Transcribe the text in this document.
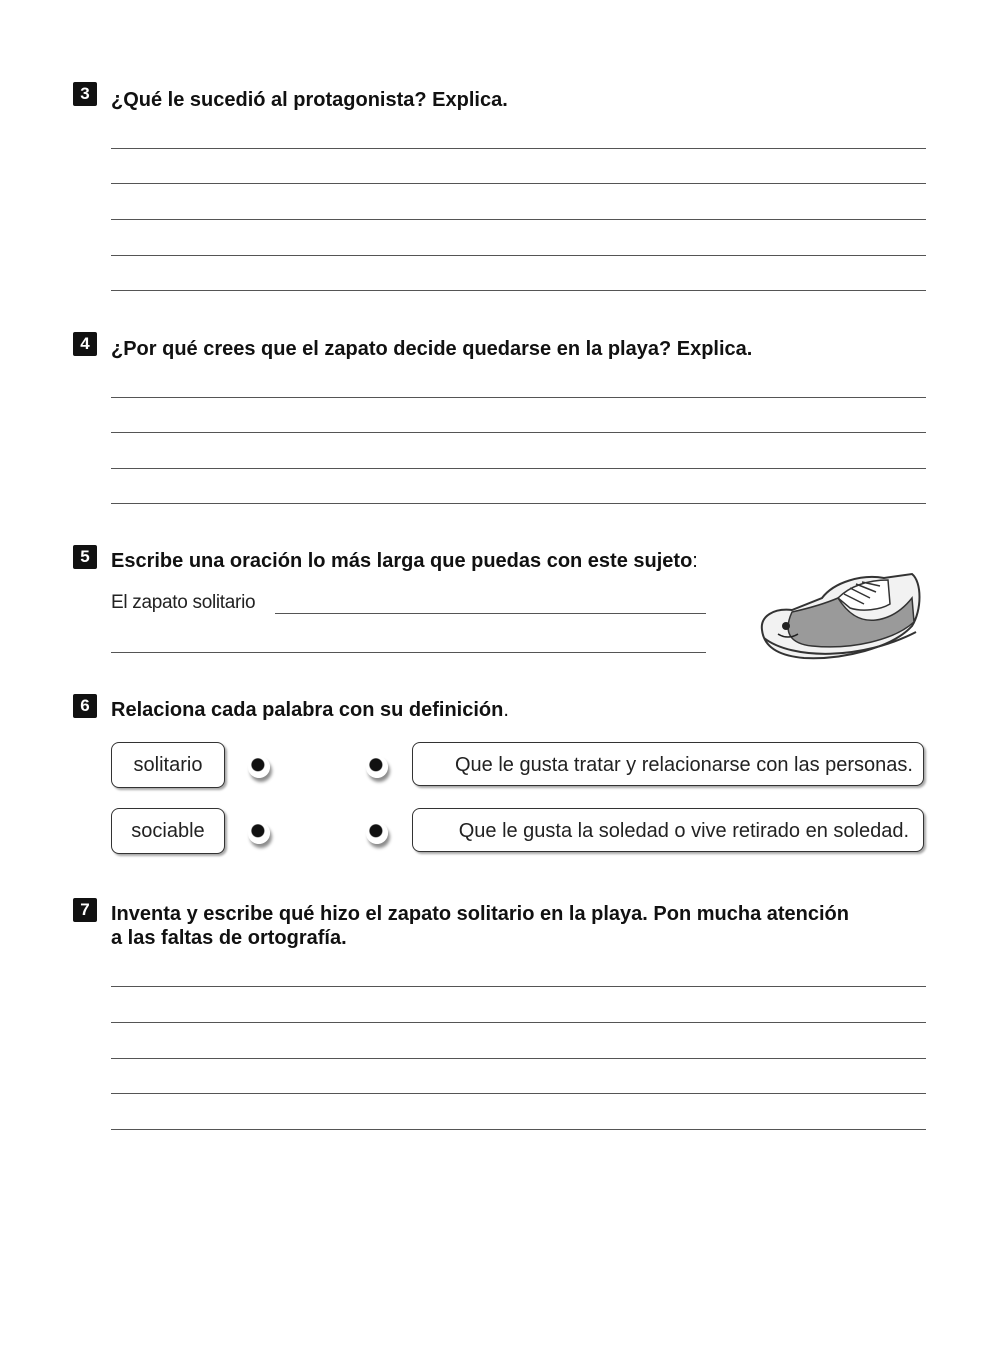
3	¿Qué le sucedió al protagonista? Explica.

4	¿Por qué crees que el zapato decide quedarse en la playa? Explica.

5	Escribe una oración lo más larga que puedas con este sujeto:

El zapato solitario
6	Relaciona cada palabra con su definición.

solitario	Que le gusta tratar y relacionarse con las personas.
sociable	Que le gusta la soledad o vive retirado en soledad.
7	Inventa y escribe qué hizo el zapato solitario en la playa. Pon mucha atención

a las faltas de ortografía.
